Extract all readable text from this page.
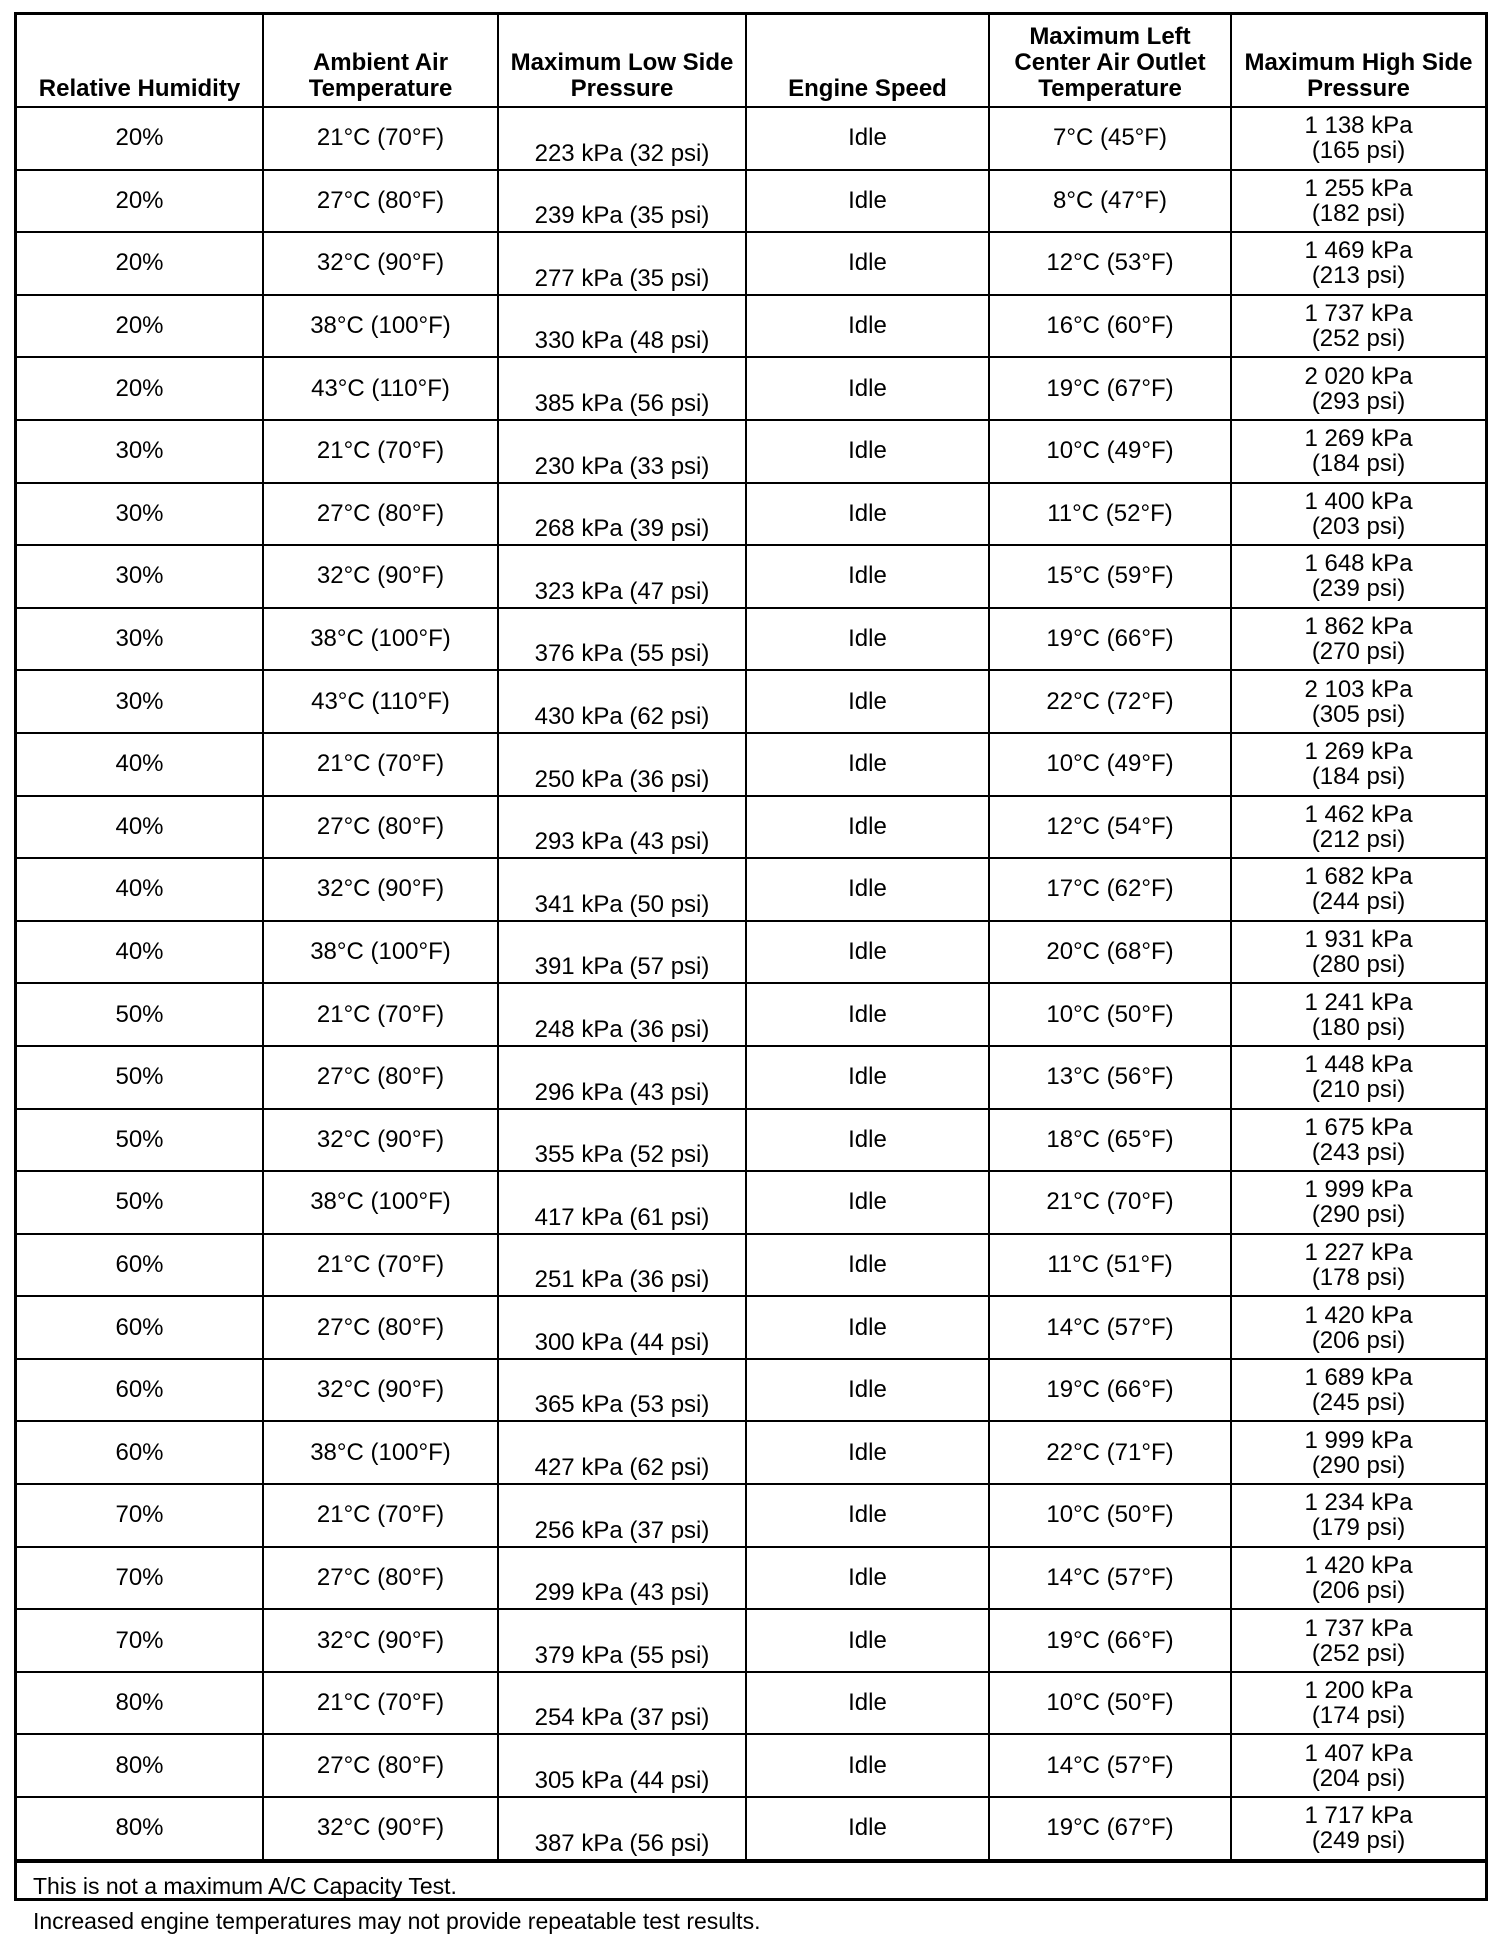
Relative Humidity	Ambient Air Temperature	Maximum Low Side Pressure	Engine Speed	Maximum Left Center Air Outlet Temperature	Maximum High Side Pressure
20%	21°C (70°F)	223 kPa (32 psi)	Idle	7°C (45°F)	1 138 kPa
(165 psi)

20%	27°C (80°F)	239 kPa (35 psi)	Idle	8°C (47°F)	1 255 kPa
(182 psi)

20%	32°C (90°F)	277 kPa (35 psi)	Idle	12°C (53°F)	1 469 kPa
(213 psi)

20%	38°C (100°F)	330 kPa (48 psi)	Idle	16°C (60°F)	1 737 kPa
(252 psi)

20%	43°C (110°F)	385 kPa (56 psi)	Idle	19°C (67°F)	2 020 kPa
(293 psi)

30%	21°C (70°F)	230 kPa (33 psi)	Idle	10°C (49°F)	1 269 kPa
(184 psi)

30%	27°C (80°F)	268 kPa (39 psi)	Idle	11°C (52°F)	1 400 kPa
(203 psi)

30%	32°C (90°F)	323 kPa (47 psi)	Idle	15°C (59°F)	1 648 kPa
(239 psi)

30%	38°C (100°F)	376 kPa (55 psi)	Idle	19°C (66°F)	1 862 kPa
(270 psi)

30%	43°C (110°F)	430 kPa (62 psi)	Idle	22°C (72°F)	2 103 kPa
(305 psi)

40%	21°C (70°F)	250 kPa (36 psi)	Idle	10°C (49°F)	1 269 kPa
(184 psi)

40%	27°C (80°F)	293 kPa (43 psi)	Idle	12°C (54°F)	1 462 kPa
(212 psi)

40%	32°C (90°F)	341 kPa (50 psi)	Idle	17°C (62°F)	1 682 kPa
(244 psi)

40%	38°C (100°F)	391 kPa (57 psi)	Idle	20°C (68°F)	1 931 kPa
(280 psi)

50%	21°C (70°F)	248 kPa (36 psi)	Idle	10°C (50°F)	1 241 kPa
(180 psi)

50%	27°C (80°F)	296 kPa (43 psi)	Idle	13°C (56°F)	1 448 kPa
(210 psi)

50%	32°C (90°F)	355 kPa (52 psi)	Idle	18°C (65°F)	1 675 kPa
(243 psi)

50%	38°C (100°F)	417 kPa (61 psi)	Idle	21°C (70°F)	1 999 kPa
(290 psi)

60%	21°C (70°F)	251 kPa (36 psi)	Idle	11°C (51°F)	1 227 kPa
(178 psi)

60%	27°C (80°F)	300 kPa (44 psi)	Idle	14°C (57°F)	1 420 kPa
(206 psi)

60%	32°C (90°F)	365 kPa (53 psi)	Idle	19°C (66°F)	1 689 kPa
(245 psi)

60%	38°C (100°F)	427 kPa (62 psi)	Idle	22°C (71°F)	1 999 kPa
(290 psi)

70%	21°C (70°F)	256 kPa (37 psi)	Idle	10°C (50°F)	1 234 kPa
(179 psi)

70%	27°C (80°F)	299 kPa (43 psi)	Idle	14°C (57°F)	1 420 kPa
(206 psi)

70%	32°C (90°F)	379 kPa (55 psi)	Idle	19°C (66°F)	1 737 kPa
(252 psi)

80%	21°C (70°F)	254 kPa (37 psi)	Idle	10°C (50°F)	1 200 kPa
(174 psi)

80%	27°C (80°F)	305 kPa (44 psi)	Idle	14°C (57°F)	1 407 kPa
(204 psi)

80%	32°C (90°F)	387 kPa (56 psi)	Idle	19°C (67°F)	1 717 kPa
(249 psi)
This is not a maximum A/C Capacity Test.
Increased engine temperatures may not provide repeatable test results.
